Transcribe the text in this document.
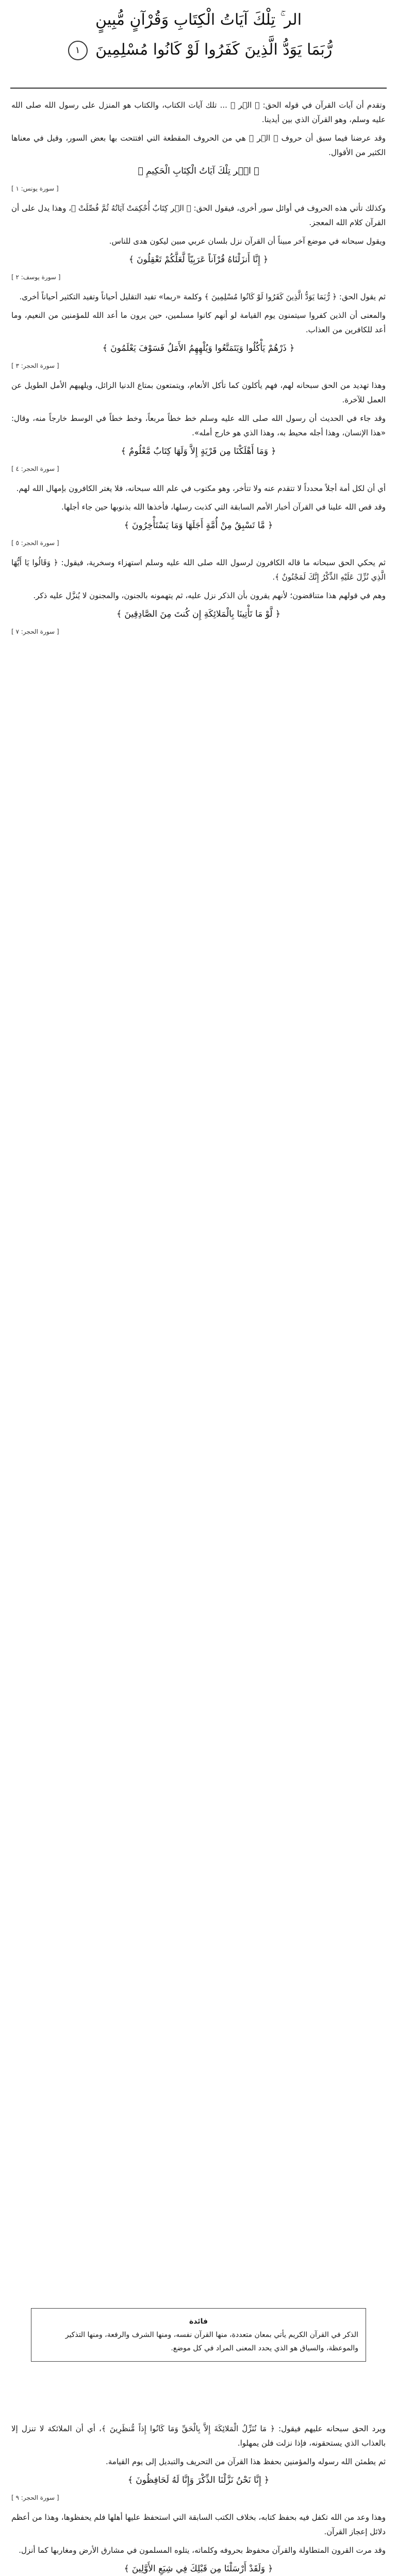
الر ۚ تِلْكَ آيَاتُ الْكِتَابِ وَقُرْآنٍ مُّبِينٍ
رُّبَمَا يَوَدُّ الَّذِينَ كَفَرُوا لَوْ كَانُوا مُسْلِمِينَ ١

وتقدم أن آيات القرآن في قوله الحق: ﴿ الۤر ﴾ ... تلك آيات الكتاب، والكتاب هو المنزل على رسول الله صلى الله عليه وسلم، وهو القرآن الذي بين أيدينا.

وقد عرضنا فيما سبق أن حروف ﴿ الۤر ﴾ هي من الحروف المقطعة التي افتتحت بها بعض السور، وقيل في معناها الكثير من الأقوال.

﴿ الۤر تِلْكَ آيَاتُ الْكِتَابِ الْحَكِيمِ ﴾

[ سورة يونس: ١ ]

وكذلك تأتي هذه الحروف في أوائل سور أخرى، فيقول الحق: ﴿ الۤر كِتَابٌ أُحْكِمَتْ آيَاتُهُ ثُمَّ فُصِّلَتْ ﴾، وهذا يدل على أن القرآن كلام الله المعجز.

ويقول سبحانه في موضع آخر مبيناً أن القرآن نزل بلسان عربي مبين ليكون هدى للناس.

﴿ إِنَّا أَنزَلْنَاهُ قُرْآناً عَرَبِيّاً لَّعَلَّكُمْ تَعْقِلُونَ ﴾

[ سورة يوسف: ٢ ]

ثم يقول الحق: ﴿ رُّبَمَا يَوَدُّ الَّذِينَ كَفَرُوا لَوْ كَانُوا مُسْلِمِينَ ﴾ وكلمة «ربما» تفيد التقليل أحياناً وتفيد التكثير أحياناً أخرى.

والمعنى أن الذين كفروا سيتمنون يوم القيامة لو أنهم كانوا مسلمين، حين يرون ما أعد الله للمؤمنين من النعيم، وما أعد للكافرين من العذاب.

﴿ ذَرْهُمْ يَأْكُلُوا وَيَتَمَتَّعُوا وَيُلْهِهِمُ الأَمَلُ فَسَوْفَ يَعْلَمُونَ ﴾

[ سورة الحجر: ٣ ]

وهذا تهديد من الحق سبحانه لهم، فهم يأكلون كما تأكل الأنعام، ويتمتعون بمتاع الدنيا الزائل، ويلهيهم الأمل الطويل عن العمل للآخرة.

وقد جاء في الحديث أن رسول الله صلى الله عليه وسلم خط خطاً مربعاً، وخط خطاً في الوسط خارجاً منه، وقال: «هذا الإنسان، وهذا أجله محيط به، وهذا الذي هو خارج أمله».

﴿ وَمَا أَهْلَكْنَا مِن قَرْيَةٍ إِلاَّ وَلَهَا كِتَابٌ مَّعْلُومٌ ﴾

[ سورة الحجر: ٤ ]

أي أن لكل أمة أجلاً محدداً لا تتقدم عنه ولا تتأخر، وهو مكتوب في علم الله سبحانه، فلا يغتر الكافرون بإمهال الله لهم.

وقد قص الله علينا في القرآن أخبار الأمم السابقة التي كذبت رسلها، فأخذها الله بذنوبها حين جاء أجلها.

﴿ مَّا تَسْبِقُ مِنْ أُمَّةٍ أَجَلَهَا وَمَا يَسْتَأْخِرُونَ ﴾

[ سورة الحجر: ٥ ]

ثم يحكي الحق سبحانه ما قاله الكافرون لرسول الله صلى الله عليه وسلم استهزاء وسخرية، فيقول: ﴿ وَقَالُوا يَا أَيُّهَا الَّذِي نُزِّلَ عَلَيْهِ الذِّكْرُ إِنَّكَ لَمَجْنُونٌ ﴾.

وهم في قولهم هذا متناقضون؛ لأنهم يقرون بأن الذكر نزل عليه، ثم يتهمونه بالجنون، والمجنون لا يُنزَّل عليه ذكر.

﴿ لَّوْ مَا تَأْتِينَا بِالْمَلائِكَةِ إِن كُنتَ مِنَ الصَّادِقِينَ ﴾

[ سورة الحجر: ٧ ]

فائدة
الذكر في القرآن الكريم يأتي بمعان متعددة، منها القرآن نفسه، ومنها الشرف والرفعة، ومنها التذكير والموعظة، والسياق هو الذي يحدد المعنى المراد في كل موضع.

ويرد الحق سبحانه عليهم فيقول: ﴿ مَا نُنَزِّلُ الْمَلائِكَةَ إِلاَّ بِالْحَقِّ وَمَا كَانُوا إِذاً مُّنظَرِينَ ﴾، أي أن الملائكة لا تنزل إلا بالعذاب الذي يستحقونه، فإذا نزلت فلن يمهلوا.

ثم يطمئن الله رسوله والمؤمنين بحفظ هذا القرآن من التحريف والتبديل إلى يوم القيامة.

﴿ إِنَّا نَحْنُ نَزَّلْنَا الذِّكْرَ وَإِنَّا لَهُ لَحَافِظُونَ ﴾

[ سورة الحجر: ٩ ]

وهذا وعد من الله تكفل فيه بحفظ كتابه، بخلاف الكتب السابقة التي استحفظ عليها أهلها فلم يحفظوها، وهذا من أعظم دلائل إعجاز القرآن.

وقد مرت القرون المتطاولة والقرآن محفوظ بحروفه وكلماته، يتلوه المسلمون في مشارق الأرض ومغاربها كما أنزل.

﴿ وَلَقَدْ أَرْسَلْنَا مِن قَبْلِكَ فِي شِيَعِ الأَوَّلِينَ ﴾
